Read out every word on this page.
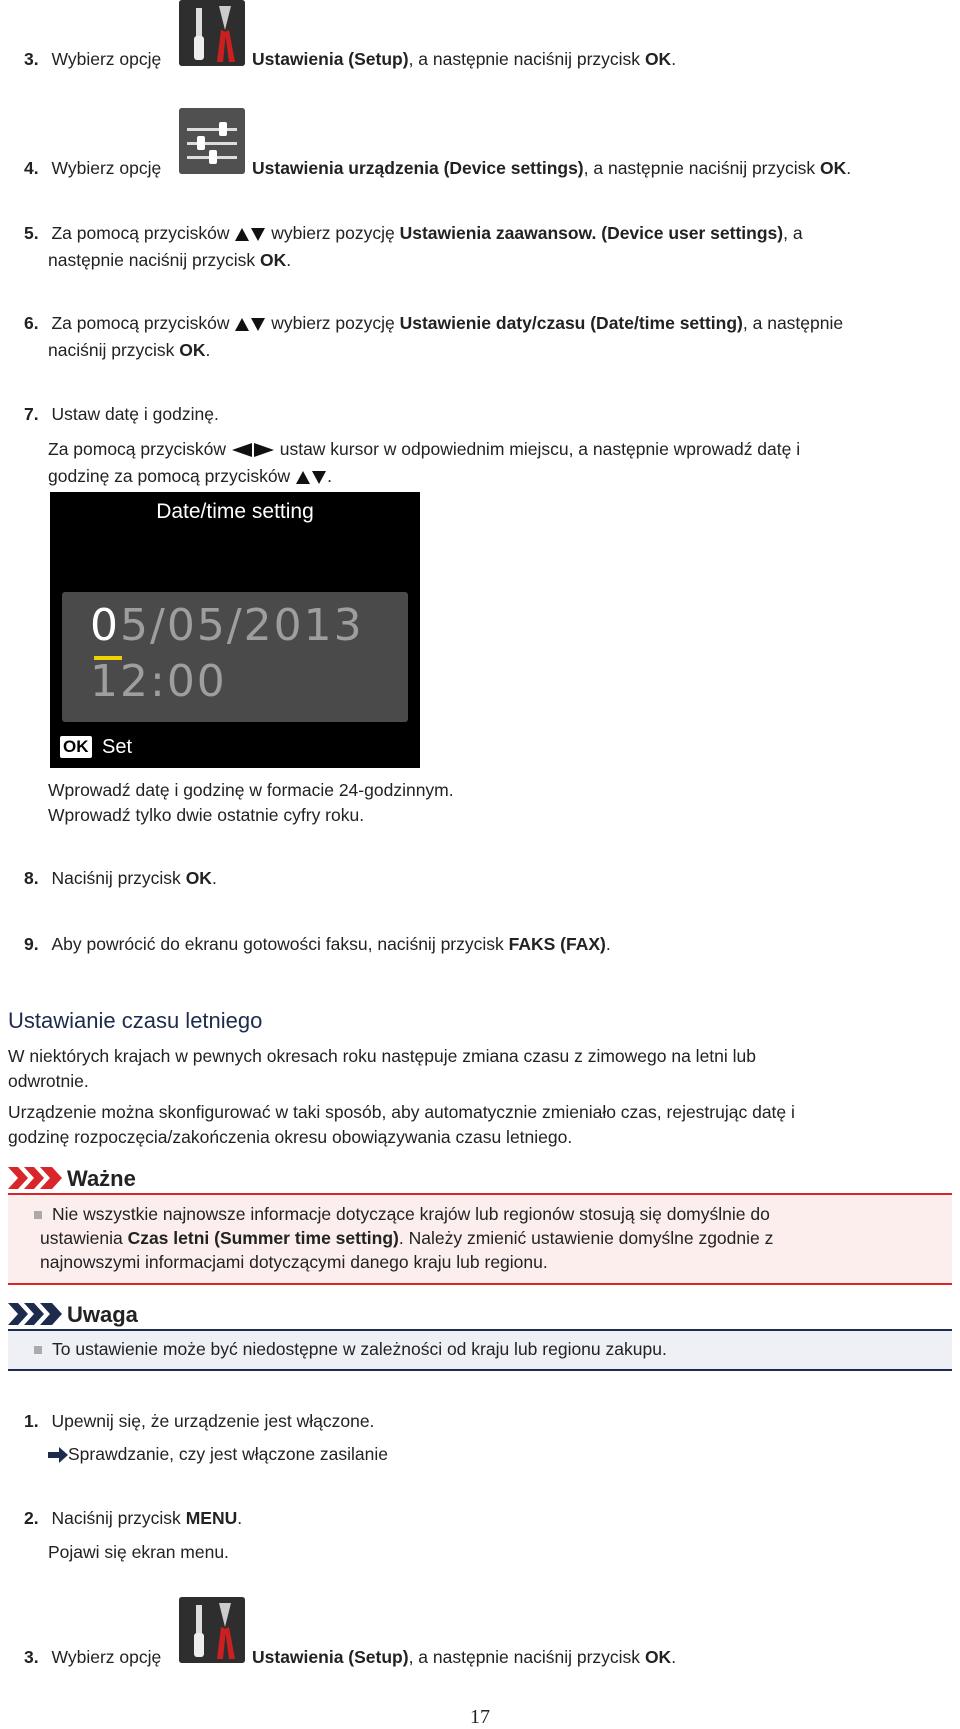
3. Wybierz opcję	Ustawienia (Setup), a następnie naciśnij przycisk OK.
4. Wybierz opcję	Ustawienia urządzenia (Device settings), a następnie naciśnij przycisk OK.
5. Za pomocą przycisków  wybierz pozycję Ustawienia zaawansow. (Device user settings), a
następnie naciśnij przycisk OK.
6. Za pomocą przycisków  wybierz pozycję Ustawienie daty/czasu (Date/time setting), a następnie
naciśnij przycisk OK.
7. Ustaw datę i godzinę.
Za pomocą przycisków	ustaw kursor w odpowiednim miejscu, a następnie wprowadź datę i
godzinę za pomocą przycisków .
Date/time setting
05/05/2013
12:00
OK Set
Wprowadź datę i godzinę w formacie 24-godzinnym.
Wprowadź tylko dwie ostatnie cyfry roku.
8. Naciśnij przycisk OK.
9. Aby powrócić do ekranu gotowości faksu, naciśnij przycisk FAKS (FAX).
Ustawianie czasu letniego
W niektórych krajach w pewnych okresach roku następuje zmiana czasu z zimowego na letni lub
odwrotnie.
Urządzenie można skonfigurować w taki sposób, aby automatycznie zmieniało czas, rejestrując datę i
godzinę rozpoczęcia/zakończenia okresu obowiązywania czasu letniego.
Ważne
Nie wszystkie najnowsze informacje dotyczące krajów lub regionów stosują się domyślnie do
ustawienia Czas letni (Summer time setting). Należy zmienić ustawienie domyślne zgodnie z
najnowszymi informacjami dotyczącymi danego kraju lub regionu.
Uwaga
To ustawienie może być niedostępne w zależności od kraju lub regionu zakupu.
1. Upewnij się, że urządzenie jest włączone.
Sprawdzanie, czy jest włączone zasilanie
2. Naciśnij przycisk MENU.
Pojawi się ekran menu.
3. Wybierz opcję	Ustawienia (Setup), a następnie naciśnij przycisk OK.
17
